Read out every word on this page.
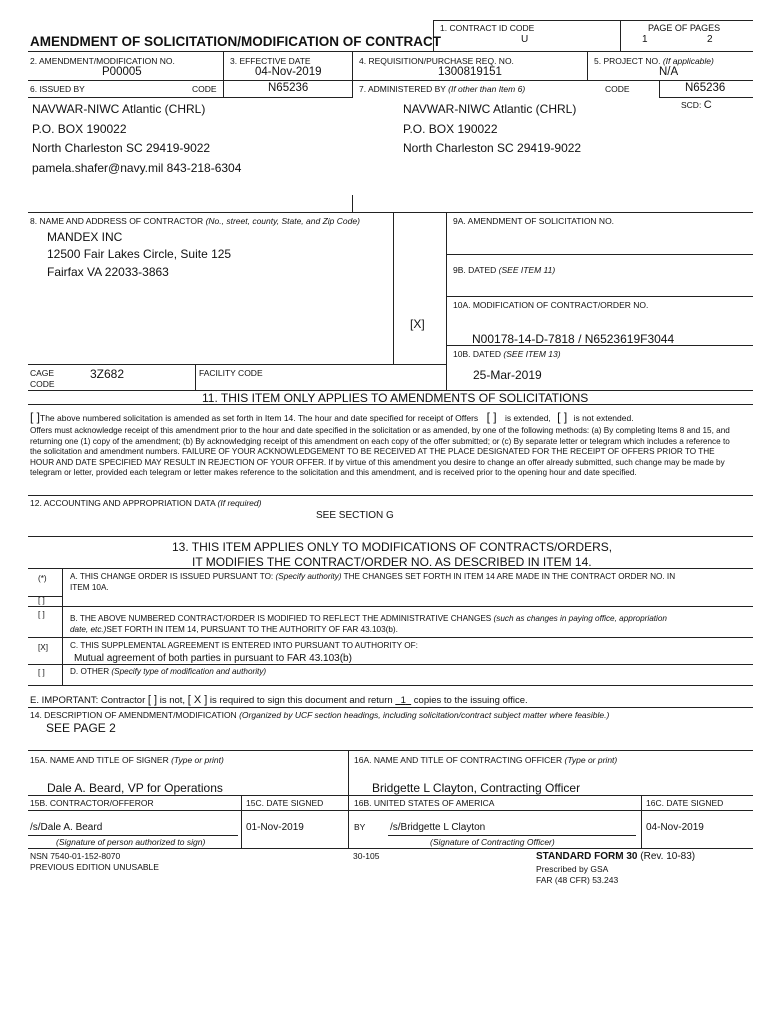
1. CONTRACT ID CODE
U
PAGE OF PAGES
1	2
AMENDMENT OF SOLICITATION/MODIFICATION OF CONTRACT
2. AMENDMENT/MODIFICATION NO.
P00005
3. EFFECTIVE DATE
04-Nov-2019
4. REQUISITION/PURCHASE REQ. NO.
1300819151
5. PROJECT NO. (If applicable)
N/A
6. ISSUED BY	CODE	N65236	7. ADMINISTERED BY (If other than Item 6)	CODE	N65236
SCD: C
NAVWAR-NIWC Atlantic (CHRL)
P.O. BOX 190022
North Charleston SC 29419-9022
pamela.shafer@navy.mil 843-218-6304
NAVWAR-NIWC Atlantic (CHRL)
P.O. BOX 190022
North Charleston SC 29419-9022
8. NAME AND ADDRESS OF CONTRACTOR (No., street, county, State, and Zip Code)
MANDEX INC
12500 Fair Lakes Circle, Suite 125
Fairfax VA 22033-3863
CAGE
CODE
3Z682	FACILITY CODE
9A. AMENDMENT OF SOLICITATION NO.
9B. DATED (SEE ITEM 11)
10A. MODIFICATION OF CONTRACT/ORDER NO.
[X]
N00178-14-D-7818 / N6523619F3044
10B. DATED (SEE ITEM 13)
25-Mar-2019
11. THIS ITEM ONLY APPLIES TO AMENDMENTS OF SOLICITATIONS
[ ]The above numbered solicitation is amended as set forth in Item 14. The hour and date specified for receipt of Offers [ ] is extended, [ ] is not extended.
Offers must acknowledge receipt of this amendment prior to the hour and date specified in the solicitation or as amended, by one of the following methods: (a) By completing Items 8 and 15, and returning one (1) copy of the amendment; (b) By acknowledging receipt of this amendment on each copy of the offer submitted; or (c) By separate letter or telegram which includes a reference to the solicitation and amendment numbers. FAILURE OF YOUR ACKNOWLEDGEMENT TO BE RECEIVED AT THE PLACE DESIGNATED FOR THE RECEIPT OF OFFERS PRIOR TO THE HOUR AND DATE SPECIFIED MAY RESULT IN REJECTION OF YOUR OFFER. If by virtue of this amendment you desire to change an offer already submitted, such change may be made by telegram or letter, provided each telegram or letter makes reference to the solicitation and this amendment, and is received prior to the opening hour and date specified.
12. ACCOUNTING AND APPROPRIATION DATA (If required)
SEE SECTION G
13. THIS ITEM APPLIES ONLY TO MODIFICATIONS OF CONTRACTS/ORDERS,
IT MODIFIES THE CONTRACT/ORDER NO. AS DESCRIBED IN ITEM 14.
(*)	A. THIS CHANGE ORDER IS ISSUED PURSUANT TO: (Specify authority) THE CHANGES SET FORTH IN ITEM 14 ARE MADE IN THE CONTRACT ORDER NO. IN
ITEM 10A.
[ ]
[ ]	B. THE ABOVE NUMBERED CONTRACT/ORDER IS MODIFIED TO REFLECT THE ADMINISTRATIVE CHANGES (such as changes in paying office, appropriation
date, etc.)SET FORTH IN ITEM 14, PURSUANT TO THE AUTHORITY OF FAR 43.103(b).
[X]	C. THIS SUPPLEMENTAL AGREEMENT IS ENTERED INTO PURSUANT TO AUTHORITY OF:
Mutual agreement of both parties in pursuant to FAR 43.103(b)
[ ]	D. OTHER (Specify type of modification and authority)
E. IMPORTANT: Contractor [ ] is not, [ X ] is required to sign this document and return 1 copies to the issuing office.
14. DESCRIPTION OF AMENDMENT/MODIFICATION (Organized by UCF section headings, including solicitation/contract subject matter where feasible.)
SEE PAGE 2
15A. NAME AND TITLE OF SIGNER (Type or print)
Dale A. Beard, VP for Operations
16A. NAME AND TITLE OF CONTRACTING OFFICER (Type or print)
Bridgette L Clayton, Contracting Officer
15B. CONTRACTOR/OFFEROR	15C. DATE SIGNED	16B. UNITED STATES OF AMERICA	16C. DATE SIGNED
/s/Dale A. Beard	01-Nov-2019	BY /s/Bridgette L Clayton	04-Nov-2019
(Signature of person authorized to sign)	(Signature of Contracting Officer)
NSN 7540-01-152-8070
PREVIOUS EDITION UNUSABLE
30-105	STANDARD FORM 30 (Rev. 10-83)
Prescribed by GSA
FAR (48 CFR) 53.243
